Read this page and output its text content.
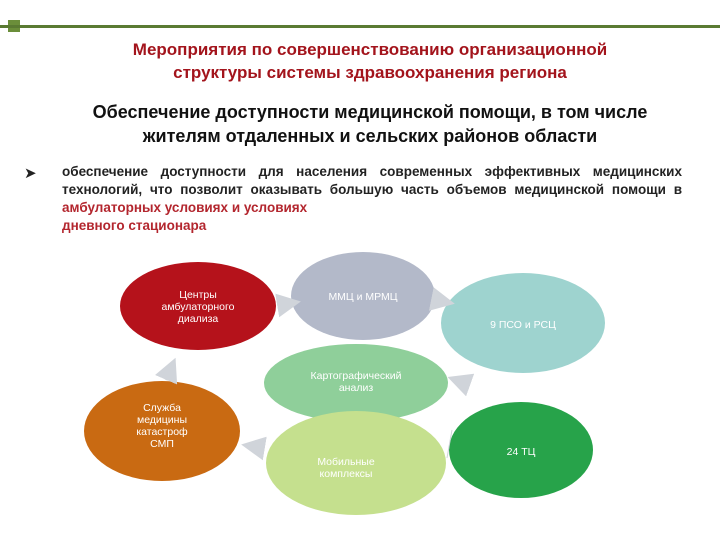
Мероприятия по совершенствованию организационной
структуры системы здравоохранения региона
Обеспечение доступности медицинской помощи, в том числе
жителям отдаленных и сельских районов области
➤ обеспечение доступности для населения современных эффективных медицинских технологий, что позволит оказывать большую часть объемов медицинской помощи в амбулаторных условиях и условиях
дневного стационара
Центры
амбулаторного
диализа
ММЦ и МРМЦ
9 ПСО и РСЦ
Картографический
анализ
Служба
медицины
катастроф
СМП
Мобильные
комплексы
24 ТЦ
